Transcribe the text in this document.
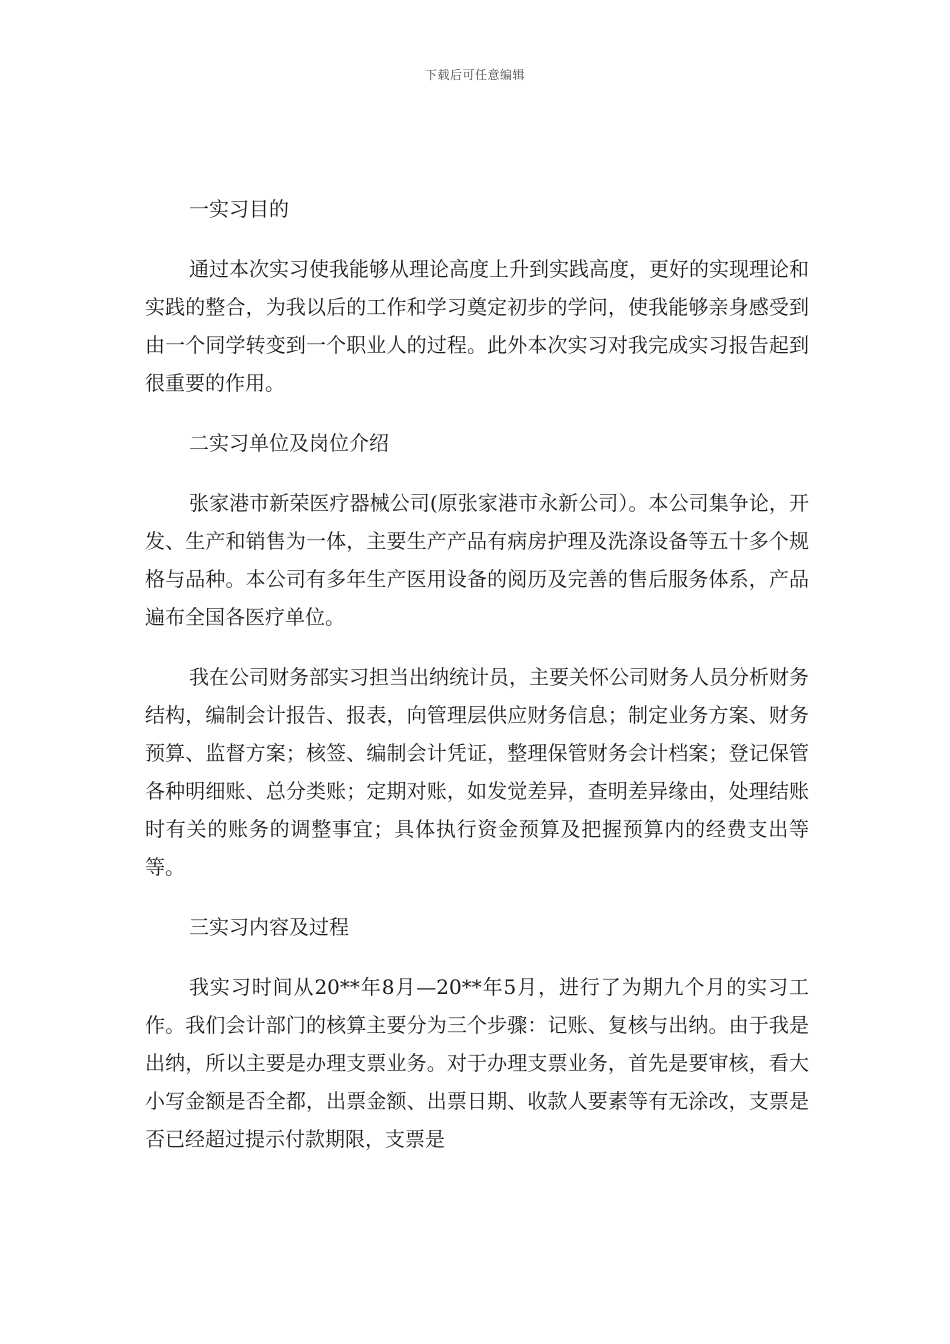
下载后可任意编辑
一实习目的

通过本次实习使我能够从理论高度上升到实践高度，更好的实现理论和实践的整合，为我以后的工作和学习奠定初步的学问，使我能够亲身感受到由一个同学转变到一个职业人的过程。此外本次实习对我完成实习报告起到很重要的作用。

二实习单位及岗位介绍

张家港市新荣医疗器械公司(原张家港市永新公司）。本公司集争论，开发、生产和销售为一体，主要生产产品有病房护理及洗涤设备等五十多个规格与品种。本公司有多年生产医用设备的阅历及完善的售后服务体系，产品遍布全国各医疗单位。

我在公司财务部实习担当出纳统计员，主要关怀公司财务人员分析财务结构，编制会计报告、报表，向管理层供应财务信息；制定业务方案、财务预算、监督方案；核签、编制会计凭证，整理保管财务会计档案；登记保管各种明细账、总分类账；定期对账，如发觉差异，查明差异缘由，处理结账时有关的账务的调整事宜；具体执行资金预算及把握预算内的经费支出等等。

三实习内容及过程

我实习时间从20**年8月—20**年5月，进行了为期九个月的实习工作。我们会计部门的核算主要分为三个步骤：记账、复核与出纳。由于我是出纳，所以主要是办理支票业务。对于办理支票业务，首先是要审核，看大小写金额是否全都，出票金额、出票日期、收款人要素等有无涂改，支票是否已经超过提示付款期限，支票是
